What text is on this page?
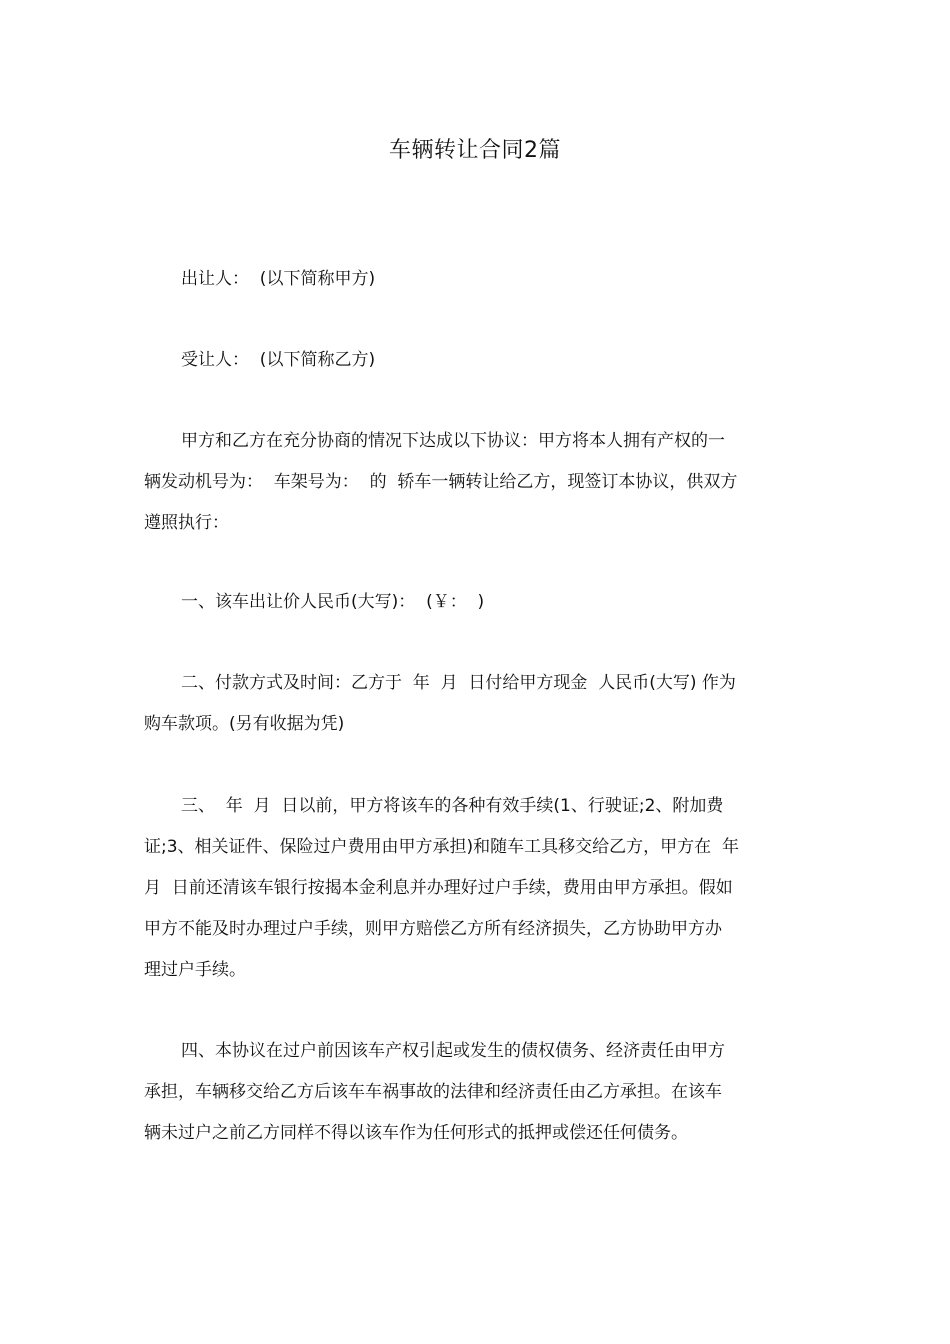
车辆转让合同2篇

出让人：  (以下简称甲方)

受让人：  (以下简称乙方)

甲方和乙方在充分协商的情况下达成以下协议：甲方将本人拥有产权的一
辆发动机号为：  车架号为：  的  轿车一辆转让给乙方，现签订本协议，供双方
遵照执行：

一、该车出让价人民币(大写)：  (￥：  )

二、付款方式及时间：乙方于  年  月  日付给甲方现金  人民币(大写) 作为
购车款项。(另有收据为凭)

三、  年  月  日以前，甲方将该车的各种有效手续(1、行驶证;2、附加费
证;3、相关证件、保险过户费用由甲方承担)和随车工具移交给乙方，甲方在  年
月  日前还清该车银行按揭本金利息并办理好过户手续，费用由甲方承担。假如
甲方不能及时办理过户手续，则甲方赔偿乙方所有经济损失，乙方协助甲方办
理过户手续。

四、本协议在过户前因该车产权引起或发生的债权债务、经济责任由甲方
承担，车辆移交给乙方后该车车祸事故的法律和经济责任由乙方承担。在该车
辆未过户之前乙方同样不得以该车作为任何形式的抵押或偿还任何债务。
